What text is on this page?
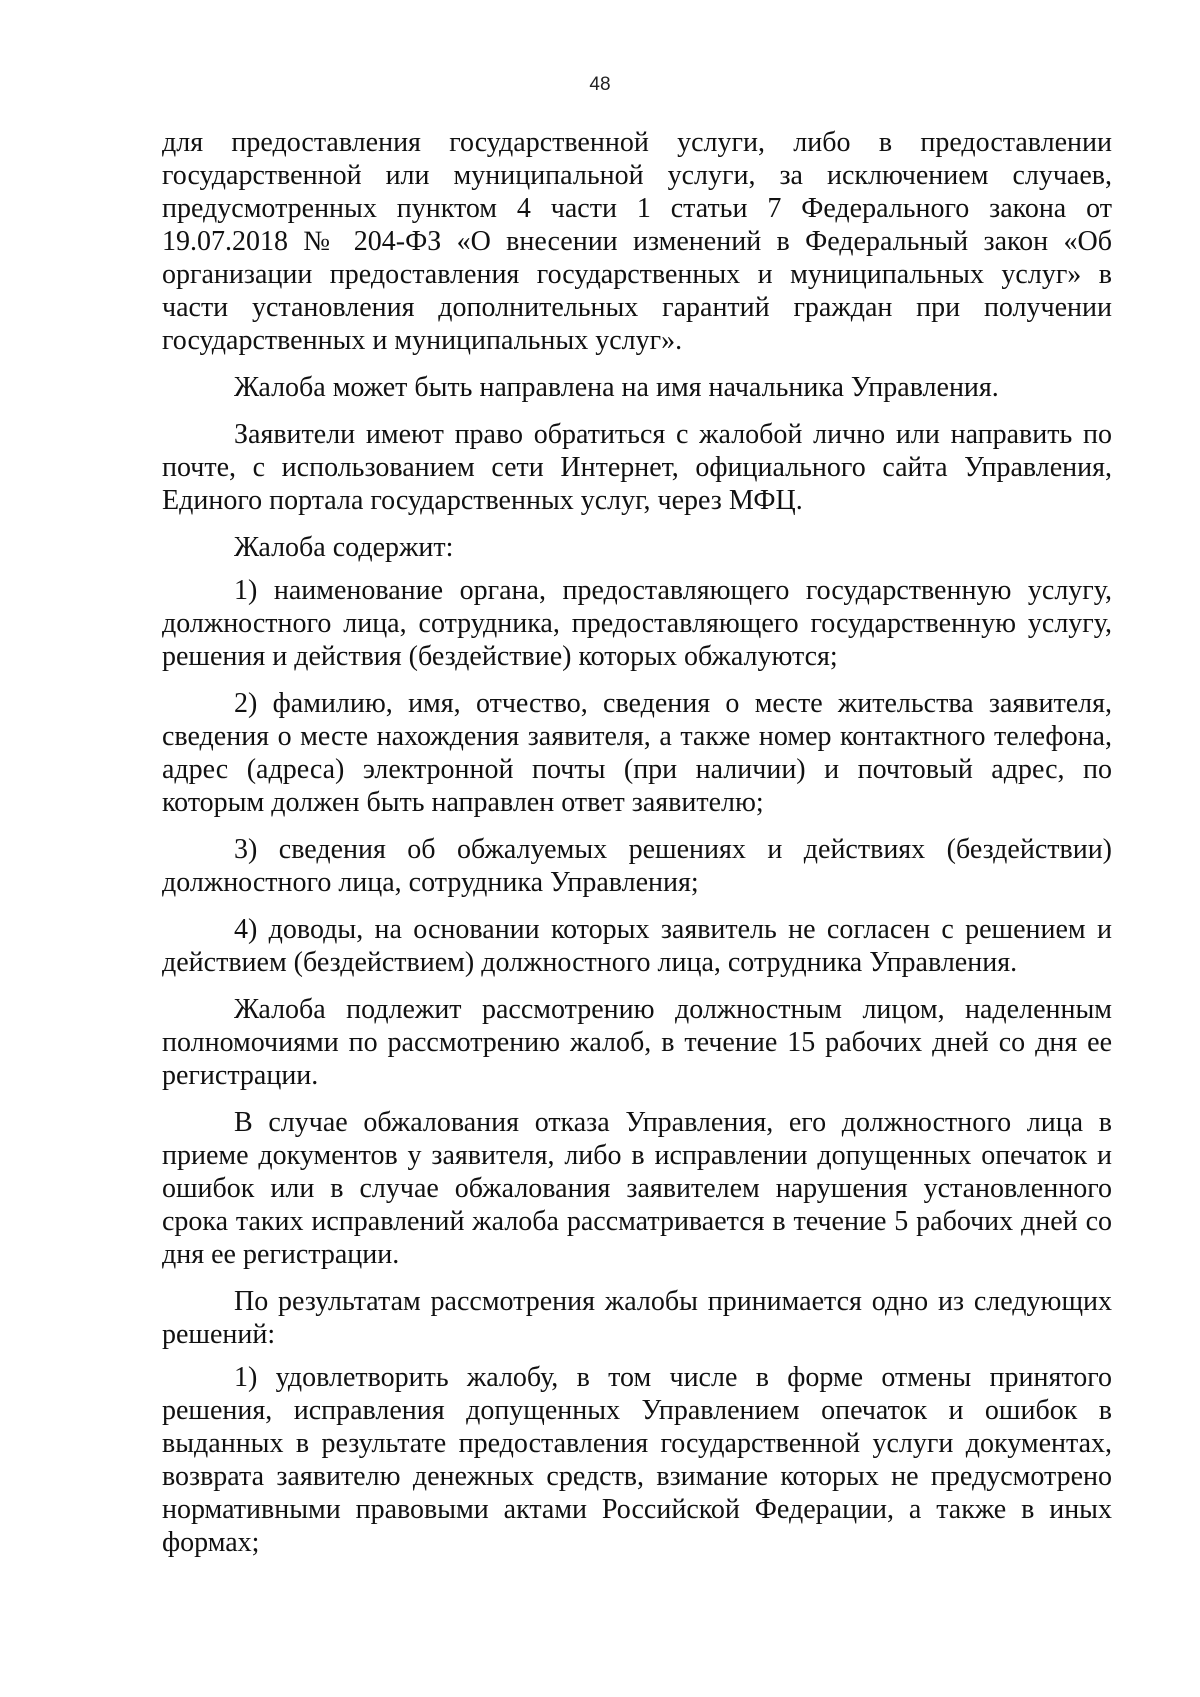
48

для предоставления государственной услуги, либо в предоставлении государственной или муниципальной услуги, за исключением случаев, предусмотренных пунктом 4 части 1 статьи 7 Федерального закона от 19.07.2018 № 204-ФЗ «О внесении изменений в Федеральный закон «Об организации предоставления государственных и муниципальных услуг» в части установления дополнительных гарантий граждан при получении государственных и муниципальных услуг».

Жалоба может быть направлена на имя начальника Управления.

Заявители имеют право обратиться с жалобой лично или направить по почте, с использованием сети Интернет, официального сайта Управления, Единого портала государственных услуг, через МФЦ.

Жалоба содержит:

1) наименование органа, предоставляющего государственную услугу, должностного лица, сотрудника, предоставляющего государственную услугу, решения и действия (бездействие) которых обжалуются;

2) фамилию, имя, отчество, сведения о месте жительства заявителя, сведения о месте нахождения заявителя, а также номер контактного телефона, адрес (адреса) электронной почты (при наличии) и почтовый адрес, по которым должен быть направлен ответ заявителю;

3) сведения об обжалуемых решениях и действиях (бездействии) должностного лица, сотрудника Управления;

4) доводы, на основании которых заявитель не согласен с решением и действием (бездействием) должностного лица, сотрудника Управления.

Жалоба подлежит рассмотрению должностным лицом, наделенным полномочиями по рассмотрению жалоб, в течение 15 рабочих дней со дня ее регистрации.

В случае обжалования отказа Управления, его должностного лица в приеме документов у заявителя, либо в исправлении допущенных опечаток и ошибок или в случае обжалования заявителем нарушения установленного срока таких исправлений жалоба рассматривается в течение 5 рабочих дней со дня ее регистрации.

По результатам рассмотрения жалобы принимается одно из следующих решений:

1) удовлетворить жалобу, в том числе в форме отмены принятого решения, исправления допущенных Управлением опечаток и ошибок в выданных в результате предоставления государственной услуги документах, возврата заявителю денежных средств, взимание которых не предусмотрено нормативными правовыми актами Российской Федерации, а также в иных формах;
